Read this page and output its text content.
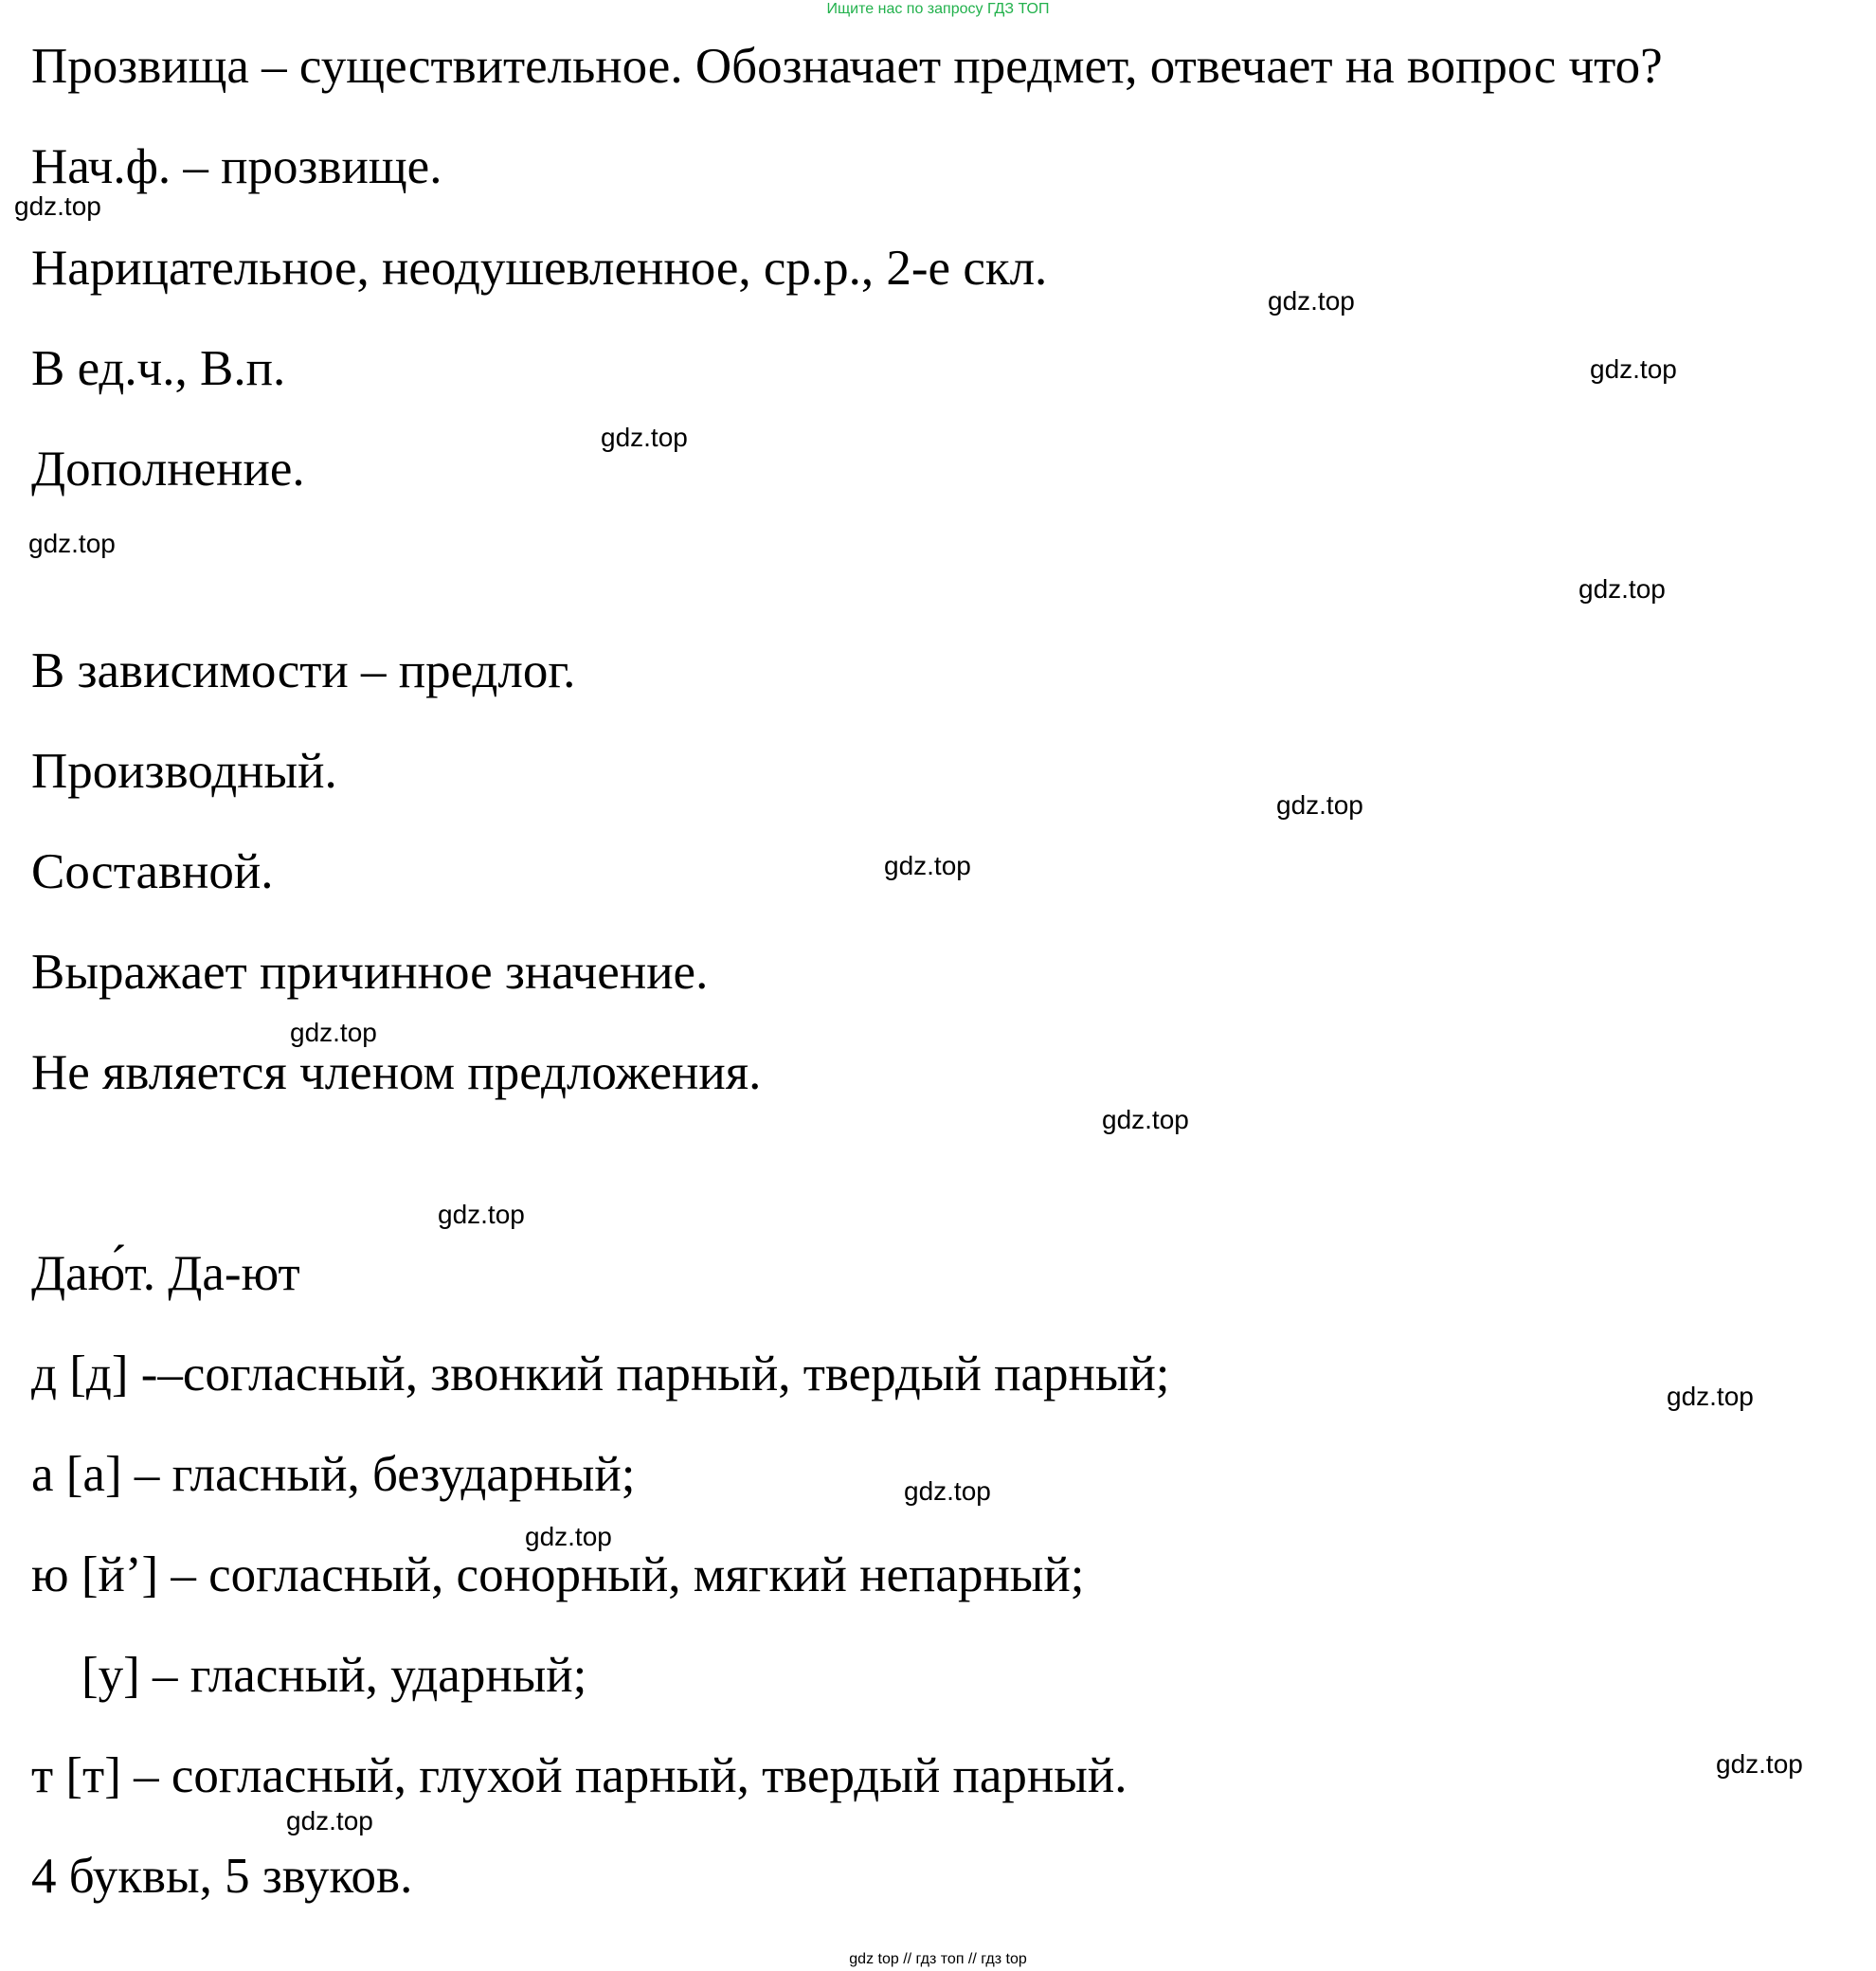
Ищите нас по запросу ГДЗ ТОП
Прозвища – существительное. Обозначает предмет, отвечает на вопрос что?
Нач.ф. – прозвище.
Нарицательное, неодушевленное, ср.р., 2-е скл.
В ед.ч., В.п.
Дополнение.
В зависимости – предлог.
Производный.
Составной.
Выражает причинное значение.
Не является членом предложения.
Даю́т. Да-ют
д [д] -–согласный, звонкий парный, твердый парный;
а [а] – гласный, безударный;
ю [й’] – согласный, сонорный, мягкий непарный;
[у] – гласный, ударный;
т [т] – согласный, глухой парный, твердый парный.
4 буквы, 5 звуков.
gdz.top
gdz.top
gdz.top
gdz.top
gdz.top
gdz.top
gdz.top
gdz.top
gdz.top
gdz.top
gdz.top
gdz.top
gdz.top
gdz.top
gdz.top
gdz.top
gdz top // гдз топ // гдз top
